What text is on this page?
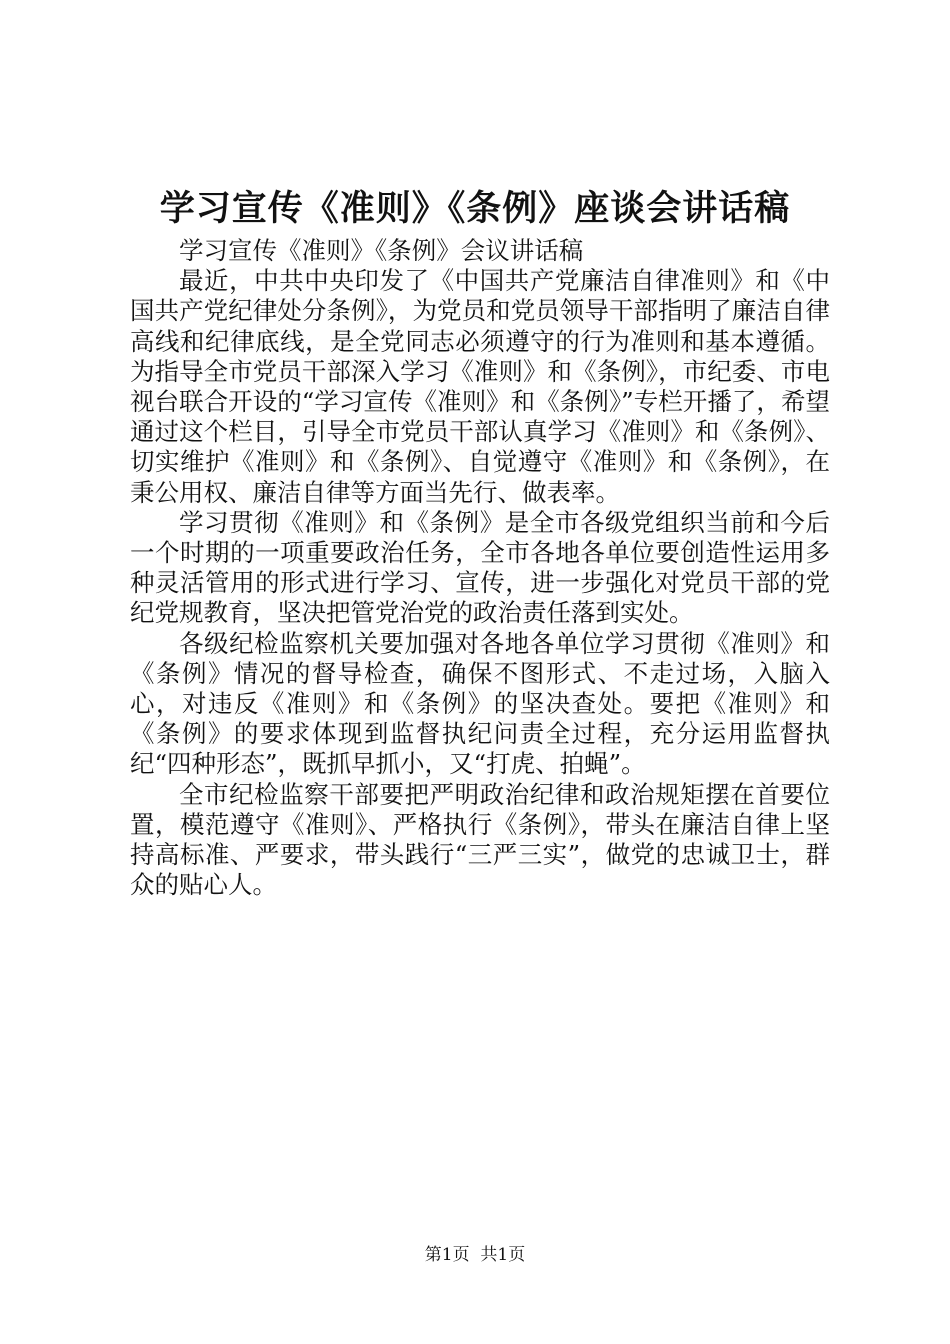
学习宣传《准则》《条例》座谈会讲话稿

学习宣传《准则》《条例》会议讲话稿

最近，中共中央印发了《中国共产党廉洁自律准则》和《中国共产党纪律处分条例》，为党员和党员领导干部指明了廉洁自律高线和纪律底线，是全党同志必须遵守的行为准则和基本遵循。为指导全市党员干部深入学习《准则》和《条例》，市纪委、市电视台联合开设的“学习宣传《准则》和《条例》”专栏开播了，希望通过这个栏目，引导全市党员干部认真学习《准则》和《条例》、切实维护《准则》和《条例》、自觉遵守《准则》和《条例》，在秉公用权、廉洁自律等方面当先行、做表率。

学习贯彻《准则》和《条例》是全市各级党组织当前和今后一个时期的一项重要政治任务，全市各地各单位要创造性运用多种灵活管用的形式进行学习、宣传，进一步强化对党员干部的党纪党规教育，坚决把管党治党的政治责任落到实处。

各级纪检监察机关要加强对各地各单位学习贯彻《准则》和《条例》情况的督导检查，确保不图形式、不走过场，入脑入心，对违反《准则》和《条例》的坚决查处。要把《准则》和《条例》的要求体现到监督执纪问责全过程，充分运用监督执纪“四种形态”，既抓早抓小，又“打虎、拍蝇”。

全市纪检监察干部要把严明政治纪律和政治规矩摆在首要位置，模范遵守《准则》、严格执行《条例》，带头在廉洁自律上坚持高标准、严要求，带头践行“三严三实”，做党的忠诚卫士，群众的贴心人。

第1页 共1页
